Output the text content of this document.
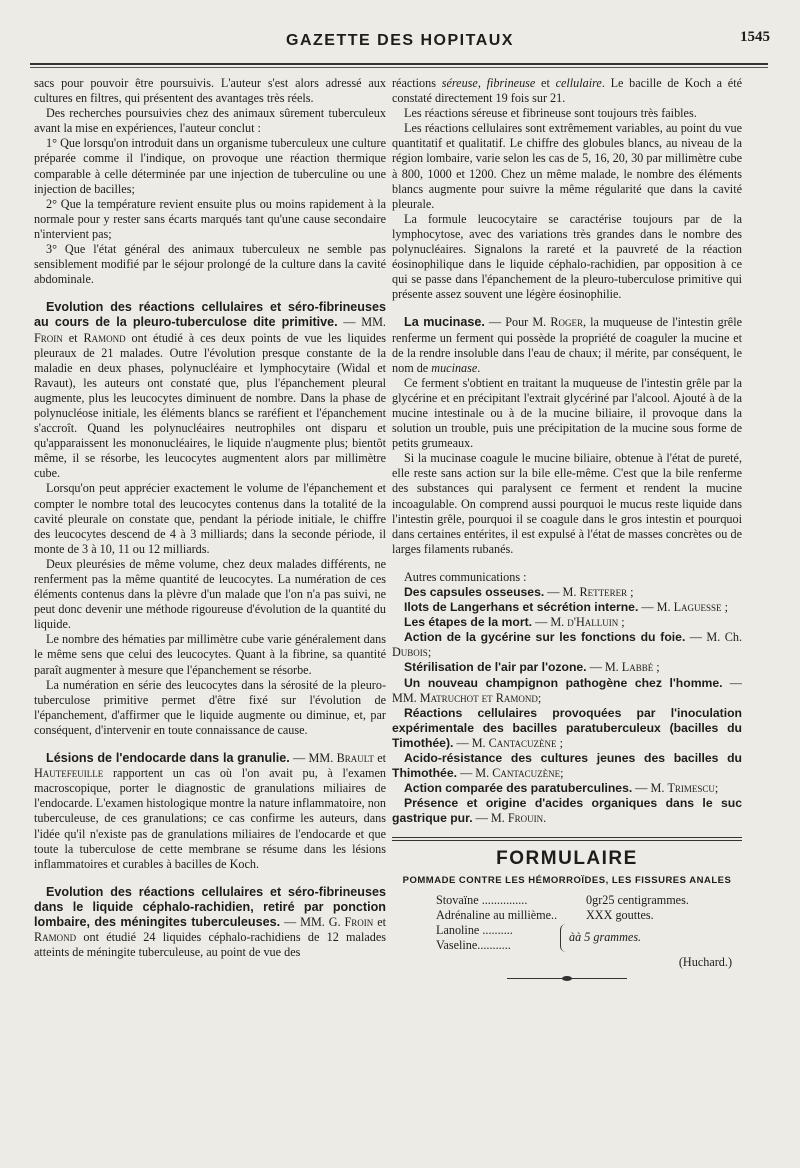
GAZETTE DES HOPITAUX	1545

sacs pour pouvoir être poursuivis. L'auteur s'est alors adressé aux cultures en filtres, qui présentent des avantages très réels.

Des recherches poursuivies chez des animaux sûrement tuberculeux avant la mise en expériences, l'auteur conclut :

1° Que lorsqu'on introduit dans un organisme tuberculeux une culture préparée comme il l'indique, on provoque une réaction thermique comparable à celle déterminée par une injection de tuberculine ou une injection de bacilles;

2° Que la température revient ensuite plus ou moins rapidement à la normale pour y rester sans écarts marqués tant qu'une cause secondaire n'intervient pas;

3° Que l'état général des animaux tuberculeux ne semble pas sensiblement modifié par le séjour prolongé de la culture dans la cavité abdominale.

Evolution des réactions cellulaires et séro-fibrineuses au cours de la pleuro-tuberculose dite primitive. — MM. Froin et Ramond ont étudié à ces deux points de vue les liquides pleuraux de 21 malades. Outre l'évolution presque constante de la maladie en deux phases, polynucléaire et lymphocytaire (Widal et Ravaut), les auteurs ont constaté que, plus l'épanchement pleural augmente, plus les leucocytes diminuent de nombre. Dans la phase de polynucléose initiale, les éléments blancs se raréfient et l'épanchement s'accroît. Quand les polynucléaires neutrophiles ont disparu et qu'apparaissent les mononucléaires, le liquide n'augmente plus; bientôt même, il se résorbe, les leucocytes augmentent alors par millimètre cube.

Lorsqu'on peut apprécier exactement le volume de l'épanchement et compter le nombre total des leucocytes contenus dans la totalité de la cavité pleurale on constate que, pendant la période initiale, le chiffre des leucocytes descend de 4 à 3 milliards; dans la seconde période, il monte de 3 à 10, 11 ou 12 milliards.

Deux pleurésies de même volume, chez deux malades différents, ne renferment pas la même quantité de leucocytes. La numération de ces éléments contenus dans la plèvre d'un malade que l'on n'a pas suivi, ne peut donc devenir une méthode rigoureuse d'évolution de la quantité du liquide.

Le nombre des hématies par millimètre cube varie généralement dans le même sens que celui des leucocytes. Quant à la fibrine, sa quantité paraît augmenter à mesure que l'épanchement se résorbe.

La numération en série des leucocytes dans la sérosité de la pleuro-tuberculose primitive permet d'être fixé sur l'évolution de l'épanchement, d'affirmer que le liquide augmente ou diminue, et, par conséquent, d'intervenir en toute connaissance de cause.

Lésions de l'endocarde dans la granulie. — MM. Brault et Hautefeuille rapportent un cas où l'on avait pu, à l'examen macroscopique, porter le diagnostic de granulations miliaires de l'endocarde. L'examen histologique montre la nature inflammatoire, non tuberculeuse, de ces granulations; ce cas confirme les auteurs, dans l'idée qu'il n'existe pas de granulations miliaires de l'endocarde et que toute la tuberculose de cette membrane se résume dans les lésions inflammatoires et curables à bacilles de Koch.

Evolution des réactions cellulaires et séro-fibrineuses dans le liquide céphalo-rachidien, retiré par ponction lombaire, des méningites tuberculeuses. — MM. G. Froin et Ramond ont étudié 24 liquides céphalo-rachidiens de 12 malades atteints de méningite tuberculeuse, au point de vue des

réactions séreuse, fibrineuse et cellulaire. Le bacille de Koch a été constaté directement 19 fois sur 21.

Les réactions séreuse et fibrineuse sont toujours très faibles.

Les réactions cellulaires sont extrêmement variables, au point du vue quantitatif et qualitatif. Le chiffre des globules blancs, au niveau de la région lombaire, varie selon les cas de 5, 16, 20, 30 par millimètre cube à 800, 1000 et 1200. Chez un même malade, le nombre des éléments blancs augmente pour suivre la même régularité que dans la cavité pleurale.

La formule leucocytaire se caractérise toujours par de la lymphocytose, avec des variations très grandes dans le nombre des polynucléaires. Signalons la rareté et la pauvreté de la réaction éosinophilique dans le liquide céphalo-rachidien, par opposition à ce qui se passe dans l'épanchement de la pleuro-tuberculose primitive qui présente assez souvent une légère éosinophilie.

La mucinase. — Pour M. Roger, la muqueuse de l'intestin grêle renferme un ferment qui possède la propriété de coaguler la mucine et de la rendre insoluble dans l'eau de chaux; il mérite, par conséquent, le nom de mucinase.

Ce ferment s'obtient en traitant la muqueuse de l'intestin grêle par la glycérine et en précipitant l'extrait glycériné par l'alcool. Ajouté à de la mucine intestinale ou à de la mucine biliaire, il provoque dans la solution un trouble, puis une précipitation de la mucine sous forme de petits grumeaux.

Si la mucinase coagule le mucine biliaire, obtenue à l'état de pureté, elle reste sans action sur la bile elle-même. C'est que la bile renferme des substances qui paralysent ce ferment et rendent la mucine incoagulable. On comprend aussi pourquoi le mucus reste liquide dans l'intestin grêle, pourquoi il se coagule dans le gros intestin et pourquoi dans certaines entérites, il est expulsé à l'état de masses concrètes ou de larges filaments rubanés.

Autres communications :

Des capsules osseuses. — M. Retterer ;

Ilots de Langerhans et sécrétion interne. — M. Laguesse ;

Les étapes de la mort. — M. d'Halluin ;

Action de la gycérine sur les fonctions du foie. — M. Ch. Dubois;

Stérilisation de l'air par l'ozone. — M. Labbé ;

Un nouveau champignon pathogène chez l'homme. — MM. Matruchot et Ramond;

Réactions cellulaires provoquées par l'inoculation expérimentale des bacilles paratuberculeux (bacilles du Timothée). — M. Cantacuzène ;

Acido-résistance des cultures jeunes des bacilles du Thimothée. — M. Cantacuzène;

Action comparée des paratuberculines. — M. Trimescu;

Présence et origine d'acides organiques dans le suc gastrique pur. — M. Frouin.

FORMULAIRE
POMMADE CONTRE LES HÉMORROÏDES, LES FISSURES ANALES
Stovaïne ...............	0gr25 centigrammes.
Adrénaline au millième..	XXX gouttes.
Lanoline ..........
Vaseline...........
àà 5 grammes.
(Huchard.)
